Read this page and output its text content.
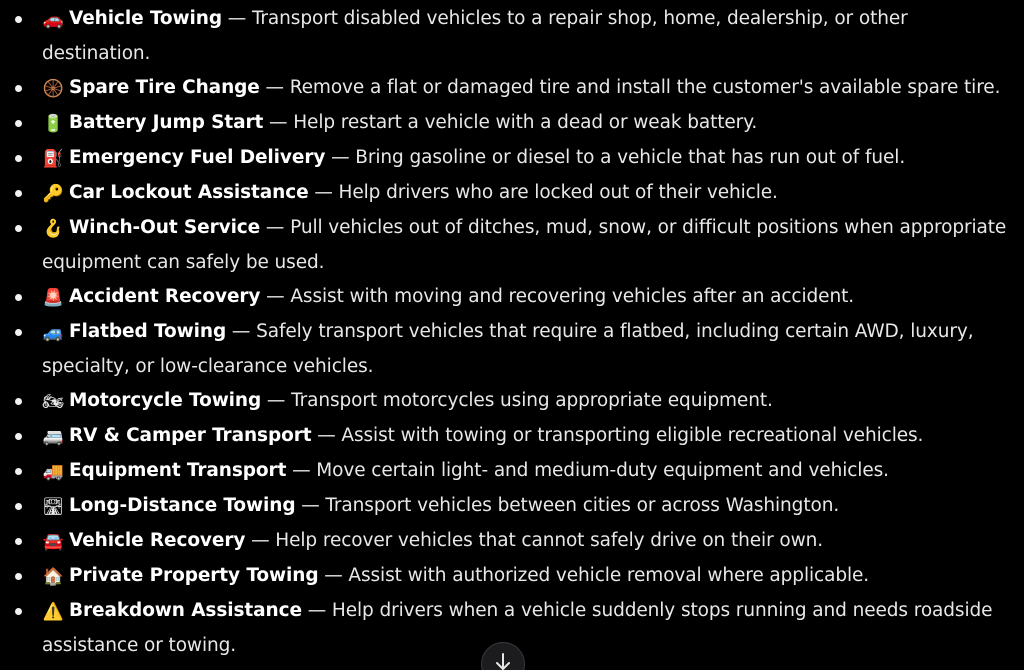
🚗 Vehicle Towing — Transport disabled vehicles to a repair shop, home, dealership, or other destination.
🛞 Spare Tire Change — Remove a flat or damaged tire and install the customer's available spare tire.
🔋 Battery Jump Start — Help restart a vehicle with a dead or weak battery.
⛽ Emergency Fuel Delivery — Bring gasoline or diesel to a vehicle that has run out of fuel.
🔑 Car Lockout Assistance — Help drivers who are locked out of their vehicle.
🪝 Winch-Out Service — Pull vehicles out of ditches, mud, snow, or difficult positions when appropriate equipment can safely be used.
🚨 Accident Recovery — Assist with moving and recovering vehicles after an accident.
🚙 Flatbed Towing — Safely transport vehicles that require a flatbed, including certain AWD, luxury, specialty, or low-clearance vehicles.
🏍 Motorcycle Towing — Transport motorcycles using appropriate equipment.
🚐 RV & Camper Transport — Assist with towing or transporting eligible recreational vehicles.
🚚 Equipment Transport — Move certain light- and medium-duty equipment and vehicles.
🛣 Long-Distance Towing — Transport vehicles between cities or across Washington.
🚘 Vehicle Recovery — Help recover vehicles that cannot safely drive on their own.
🏠 Private Property Towing — Assist with authorized vehicle removal where applicable.
⚠️ Breakdown Assistance — Help drivers when a vehicle suddenly stops running and needs roadside assistance or towing.
